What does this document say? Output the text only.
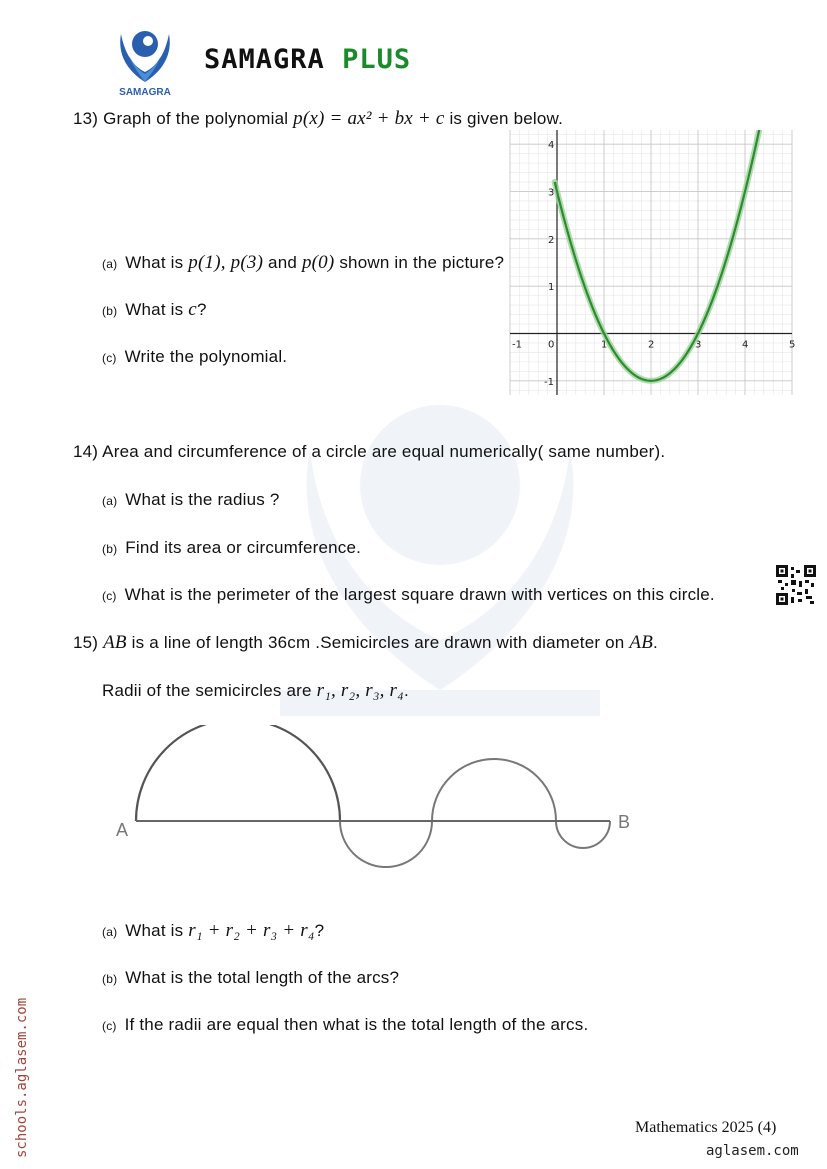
SAMAGRA
SAMAGRA PLUS
13) Graph of the polynomial p(x) = ax² + bx + c is given below.
(a) What is p(1), p(3) and p(0) shown in the picture?
(b) What is c?
(c) Write the polynomial.
-1	0	1	2	3	4	5
-1
1
2
3
4
14) Area and circumference of a circle are equal numerically( same number).
(a) What is the radius ?
(b) Find its area or circumference.
(c) What is the perimeter of the largest square drawn with vertices on this circle.
15) AB is a line of length 36cm .Semicircles are drawn with diameter on AB.
Radii of the semicircles are r₁, r₂, r₃, r₄.
A	B
(a) What is r₁ + r₂ + r₃ + r₄?
(b) What is the total length of the arcs?
(c) If the radii are equal then what is the total length of the arcs.
schools.aglasem.com	Mathematics 2025 (4)
aglasem.com
